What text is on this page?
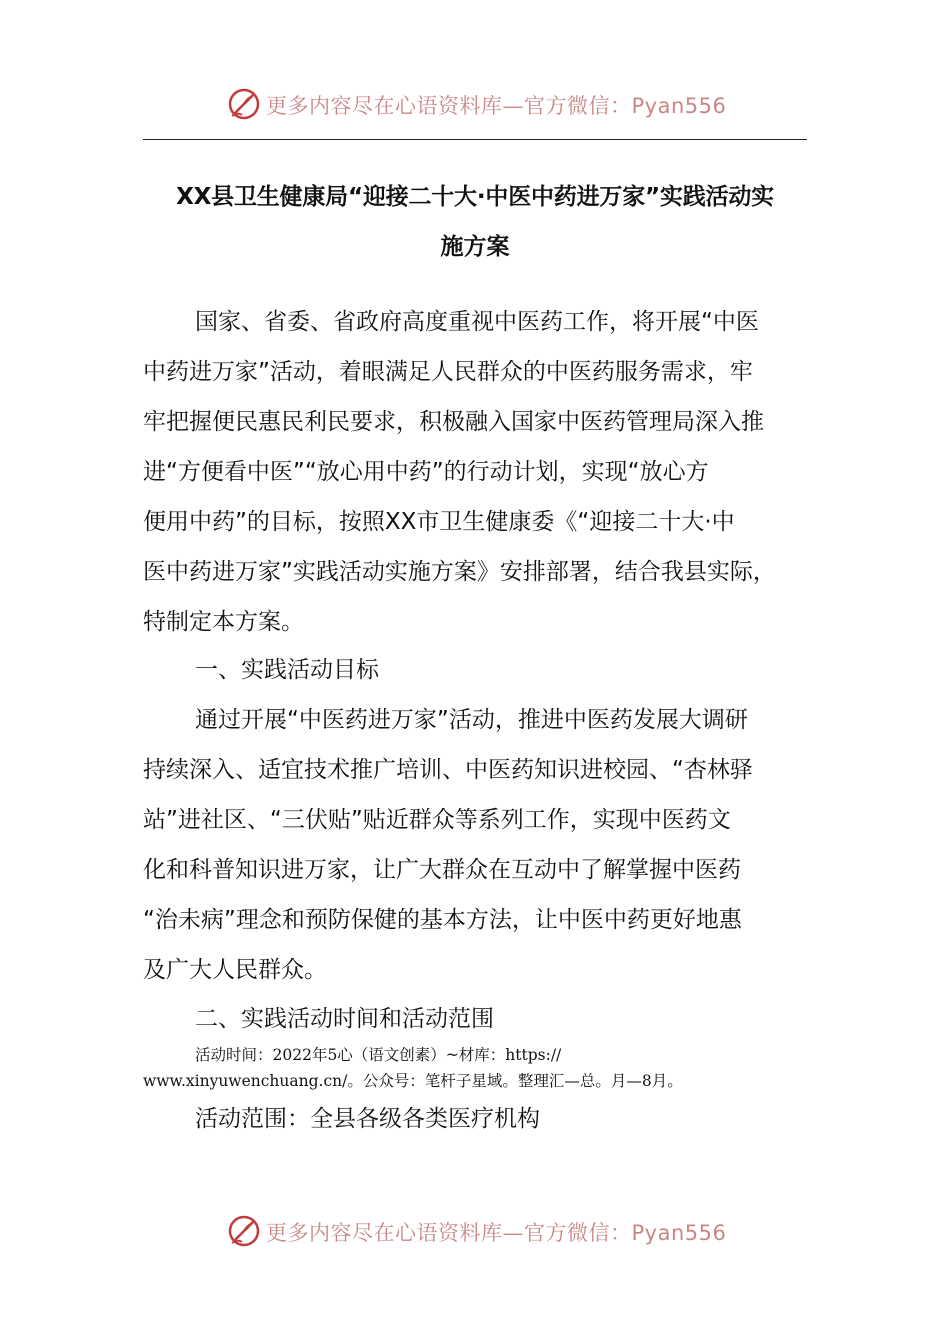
更多内容尽在心语资料库—官方微信：Pyan556
XX县卫生健康局“迎接二十大·中医中药进万家”实践活动实
施方案
国家、省委、省政府高度重视中医药工作，将开展“中医
中药进万家”活动，着眼满足人民群众的中医药服务需求，牢
牢把握便民惠民利民要求，积极融入国家中医药管理局深入推
进“方便看中医”“放心用中药”的行动计划，实现“放心方
便用中药”的目标，按照XX市卫生健康委《“迎接二十大·中
医中药进万家”实践活动实施方案》安排部署，结合我县实际，
特制定本方案。
一、实践活动目标
通过开展“中医药进万家”活动，推进中医药发展大调研
持续深入、适宜技术推广培训、中医药知识进校园、“杏林驿
站”进社区、“三伏贴”贴近群众等系列工作，实现中医药文
化和科普知识进万家，让广大群众在互动中了解掌握中医药
“治未病”理念和预防保健的基本方法，让中医中药更好地惠
及广大人民群众。
二、实践活动时间和活动范围
活动时间：2022年5心（语文创素）~材库：https://
www.xinyuwenchuang.cn/。公众号：笔杆子星域。整理汇—总。月—8月。
活动范围：全县各级各类医疗机构
更多内容尽在心语资料库—官方微信：Pyan556
